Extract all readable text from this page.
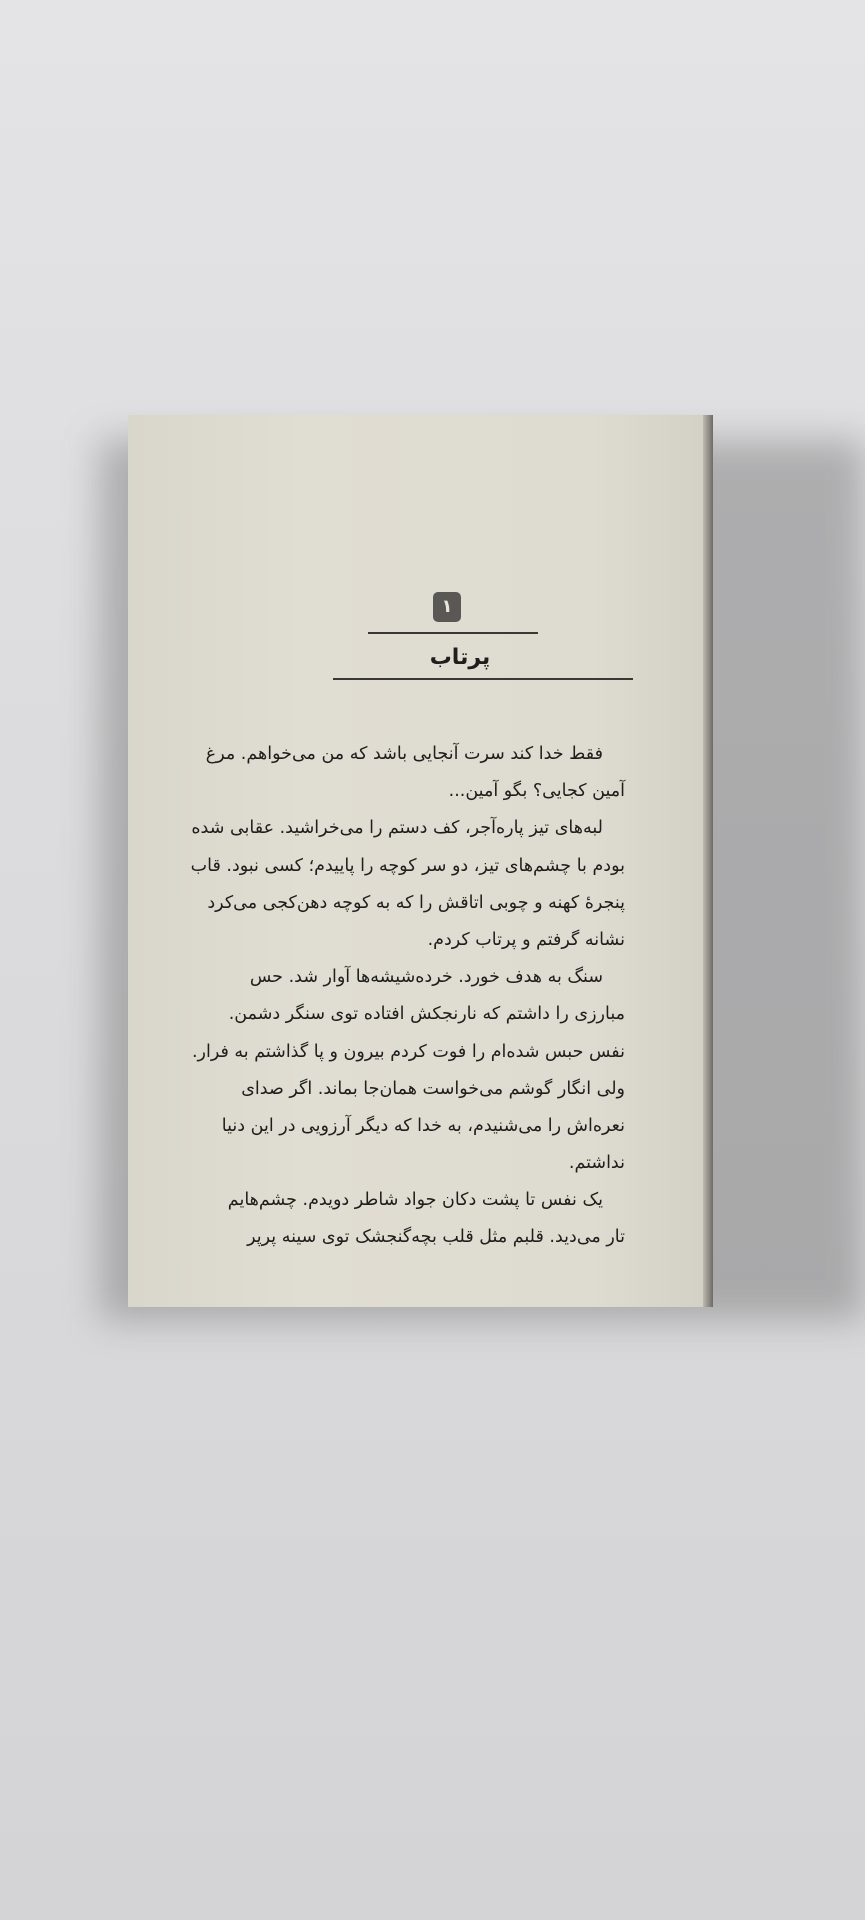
۱
پرتاب
فقط خدا کند سرت آنجایی باشد که من می‌خواهم. مرغ
آمین کجایی؟ بگو آمین...
لبه‌های تیز پاره‌آجر، کف دستم را می‌خراشید. عقابی شده
بودم با چشم‌های تیز، دو سر کوچه را پاییدم؛ کسی نبود. قاب
پنجرهٔ کهنه و چوبی اتاقش را که به کوچه دهن‌کجی می‌کرد
نشانه گرفتم و پرتاب کردم.
سنگ به هدف خورد. خرده‌شیشه‌ها آوار شد. حس
مبارزی را داشتم که نارنجکش افتاده توی سنگر دشمن.
نفس حبس شده‌ام را فوت کردم بیرون و پا گذاشتم به فرار.
ولی انگار گوشم می‌خواست همان‌جا بماند. اگر صدای
نعره‌اش را می‌شنیدم، به خدا که دیگر آرزویی در این دنیا
نداشتم.
یک نفس تا پشت دکان جواد شاطر دویدم. چشم‌هایم
تار می‌دید. قلبم مثل قلب بچه‌گنجشک توی سینه پرپر
